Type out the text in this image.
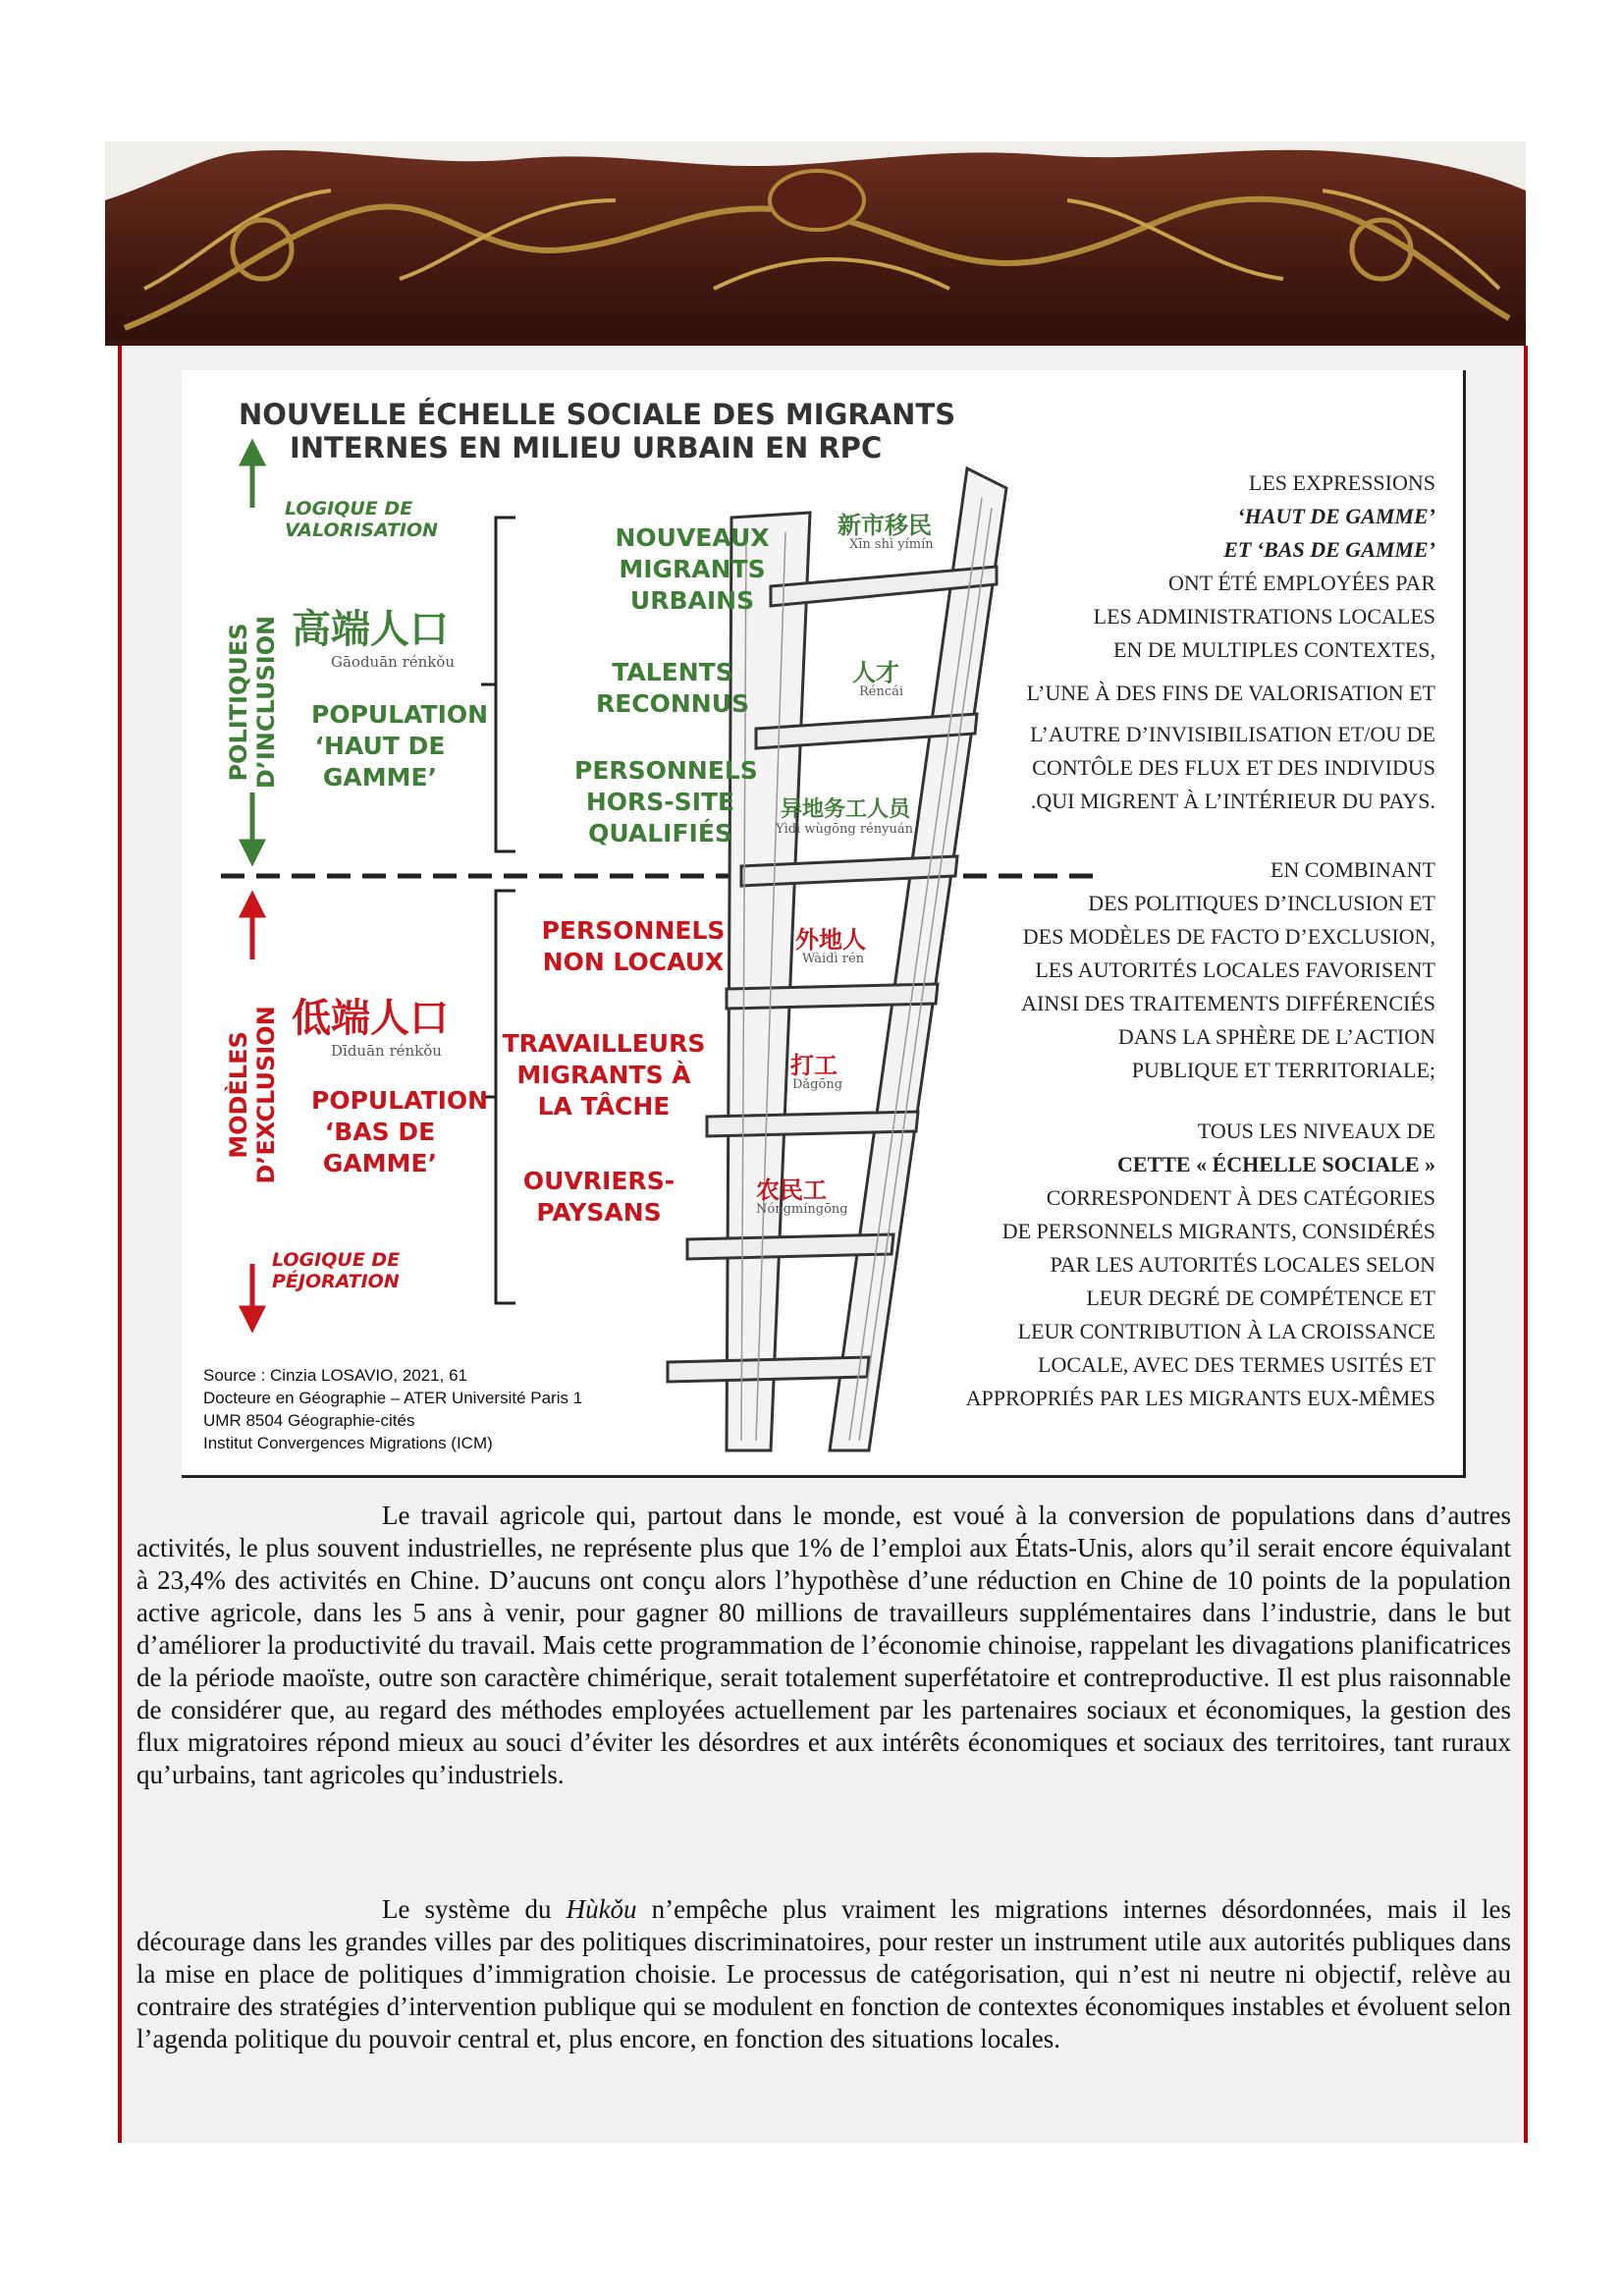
NOUVELLE ÉCHELLE SOCIALE DES MIGRANTS
INTERNES EN MILIEU URBAIN EN RPC
LOGIQUE DE
VALORISATION
LOGIQUE DE
PÉJORATION
POLITIQUES D’INCLUSION
MODÈLES D’EXCLUSION
高端人口
Gāoduān rénkǒu
POPULATION
‘HAUT DE
GAMME’
低端人口
Dīduān rénkǒu
POPULATION
‘BAS DE
GAMME’
NOUVEAUX
MIGRANTS
URBAINS
TALENTS
RECONNUS
PERSONNELS
HORS-SITE
QUALIFIÉS
PERSONNELS
NON LOCAUX
TRAVAILLEURS
MIGRANTS À
LA TÂCHE
OUVRIERS-
PAYSANS
新市移民
Xīn shì yímín
人才
Réncái
异地务工人员
Yìdì wùgōng rényuán
外地人
Wàidì rén
打工
Dǎgōng
农民工
Nóngmíngōng
LES EXPRESSIONS
‘HAUT DE GAMME’
ET ‘BAS DE GAMME’
ONT ÉTÉ EMPLOYÉES PAR
LES ADMINISTRATIONS LOCALES
EN DE MULTIPLES CONTEXTES,
L’UNE À DES FINS DE VALORISATION ET
L’AUTRE D’INVISIBILISATION ET/OU DE
CONTÔLE DES FLUX ET DES INDIVIDUS
.QUI MIGRENT À L’INTÉRIEUR DU PAYS.
EN COMBINANT
DES POLITIQUES D’INCLUSION ET
DES MODÈLES DE FACTO D’EXCLUSION,
LES AUTORITÉS LOCALES FAVORISENT
AINSI DES TRAITEMENTS DIFFÉRENCIÉS
DANS LA SPHÈRE DE L’ACTION
PUBLIQUE ET TERRITORIALE;
TOUS LES NIVEAUX DE
CETTE « ÉCHELLE SOCIALE »
CORRESPONDENT À DES CATÉGORIES
DE PERSONNELS MIGRANTS, CONSIDÉRÉS
PAR LES AUTORITÉS LOCALES SELON
LEUR DEGRÉ DE COMPÉTENCE ET
LEUR CONTRIBUTION À LA CROISSANCE
LOCALE, AVEC DES TERMES USITÉS ET
APPROPRIÉS PAR LES MIGRANTS EUX-MÊMES
Source : Cinzia LOSAVIO, 2021, 61
Docteure en Géographie – ATER Université Paris 1
UMR 8504 Géographie-cités
Institut Convergences Migrations (ICM)
Le travail agricole qui, partout dans le monde, est voué à la conversion de populations dans d’autres activités, le plus souvent industrielles, ne représente plus que 1% de l’emploi aux États-Unis, alors qu’il serait encore équivalant à 23,4% des activités en Chine. D’aucuns ont conçu alors l’hypothèse d’une réduction en Chine de 10 points de la population active agricole, dans les 5 ans à venir, pour gagner 80 millions de travailleurs supplémentaires dans l’industrie, dans le but d’améliorer la productivité du travail. Mais cette programmation de l’économie chinoise, rappelant les divagations planificatrices de la période maoïste, outre son caractère chimérique, serait totalement superfétatoire et contreproductive. Il est plus raisonnable de considérer que, au regard des méthodes employées actuellement par les partenaires sociaux et économiques, la gestion des flux migratoires répond mieux au souci d’éviter les désordres et aux intérêts économiques et sociaux des territoires, tant ruraux qu’urbains, tant agricoles qu’industriels.
Le système du Hùkǒu n’empêche plus vraiment les migrations internes désordonnées, mais il les décourage dans les grandes villes par des politiques discriminatoires, pour rester un instrument utile aux autorités publiques dans la mise en place de politiques d’immigration choisie. Le processus de catégorisation, qui n’est ni neutre ni objectif, relève au contraire des stratégies d’intervention publique qui se modulent en fonction de contextes économiques instables et évoluent selon l’agenda politique du pouvoir central et, plus encore, en fonction des situations locales.
